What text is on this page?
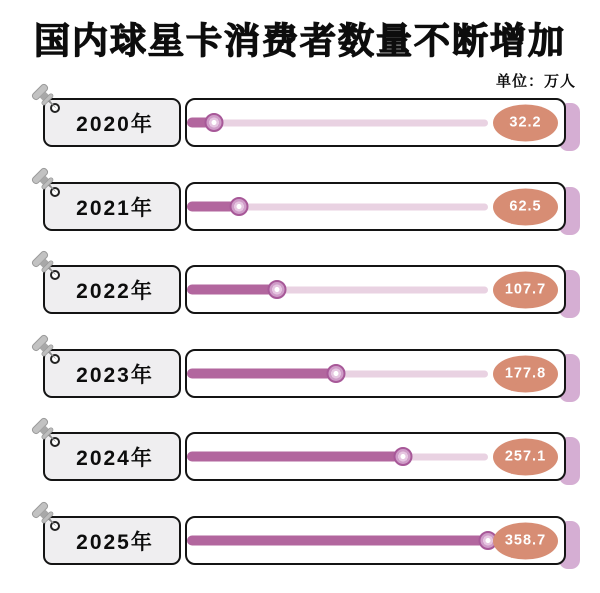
国内球星卡消费者数量不断增加
单位：万人
2020年	32.2
2021年	62.5
2022年	107.7
2023年	177.8
2024年	257.1
2025年	358.7
